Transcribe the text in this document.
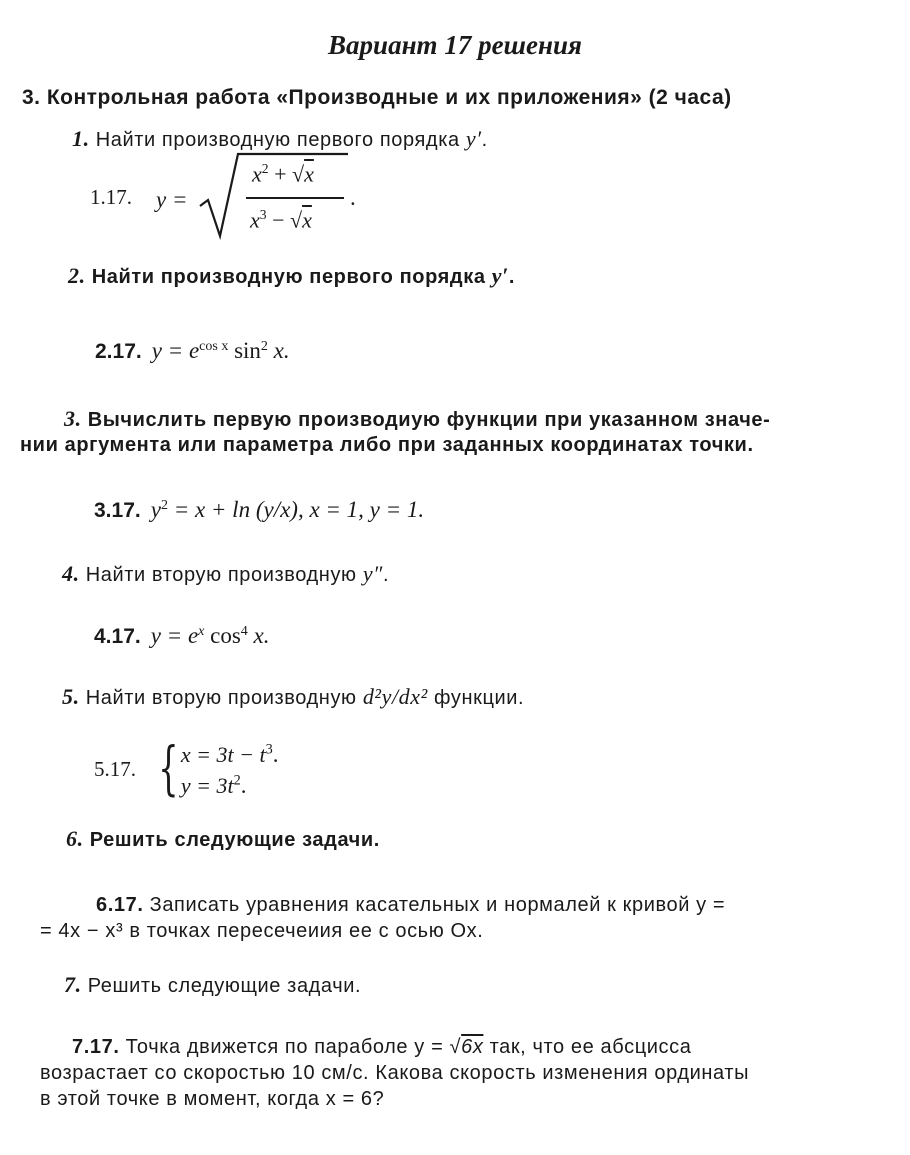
Вариант 17 решения
3. Контрольная работа «Производные и их приложения» (2 часа)
1. Найти производную первого порядка y′.
1.17. y =
$x^2 + √x$
$x^3 - √x$
.
2. Найти производную первого порядка y′.
2.17. $y = e^{cos x}$ $\sin^2 x$.
3. Вычислить первую производиую функции при указанном значе-
нии аргумента или параметра либо при заданных координатах точки.
3.17. $y^2 = x + \ln (y/x)$, x = 1, y = 1.
4. Найти вторую производную y″.
4.17. $y = e^x$ $\cos^4 x$.
5. Найти вторую производную d²y/dx² функции.
5.17. { $x = 3t - t^3$.
$y = 3t^2$.
6. Решить следующие задачи.
6.17. Записать уравнения касательных и нормалей к кривой y =
= 4x − x³ в точках пересечеиия ее с осью Ox.
7. Решить следующие задачи.
7.17. Точка движется по параболе y = √6x так, что ее абсцисса
возрастает со скоростью 10 см/с. Какова скорость изменения ординаты
в этой точке в момент, когда x = 6?
